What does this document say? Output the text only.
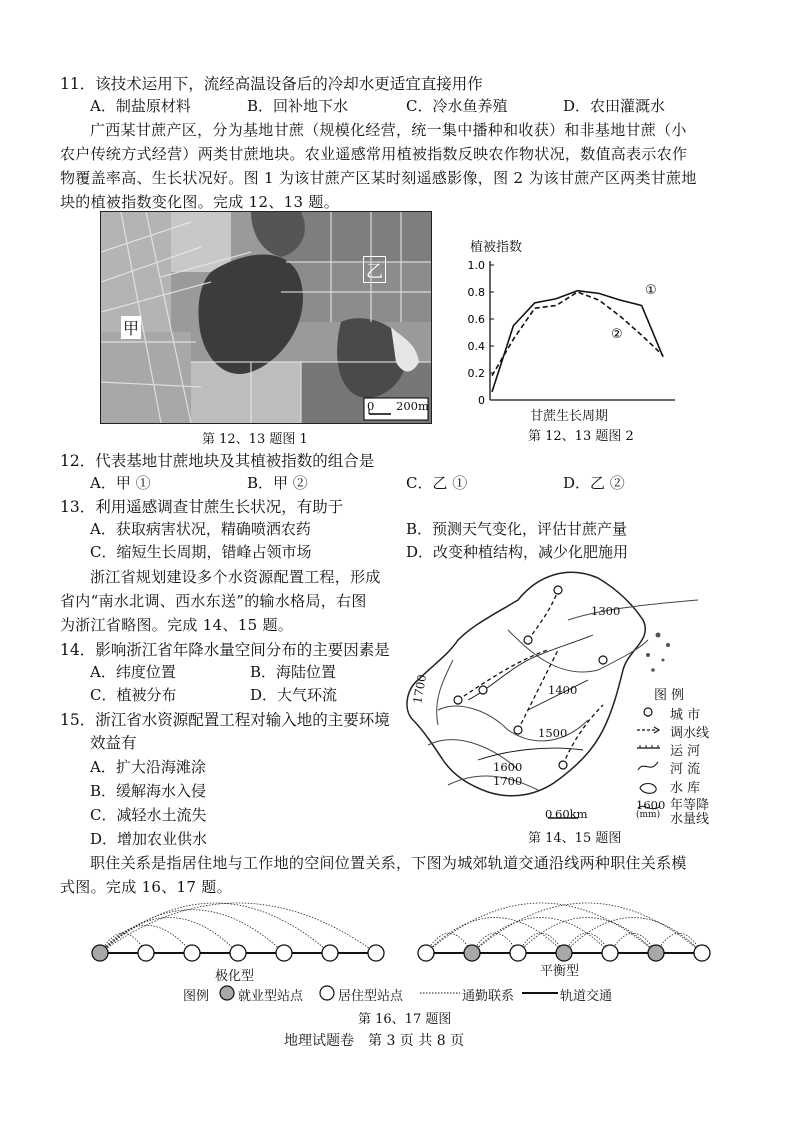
11．该技术运用下，流经高温设备后的冷却水更适宜直接用作
A．制盐原材料	B．回补地下水	C．冷水鱼养殖	D．农田灌溉水
广西某甘蔗产区，分为基地甘蔗（规模化经营，统一集中播种和收获）和非基地甘蔗（小
农户传统方式经营）两类甘蔗地块。农业遥感常用植被指数反映农作物状况，数值高表示农作
物覆盖率高、生长状况好。图 1 为该甘蔗产区某时刻遥感影像，图 2 为该甘蔗产区两类甘蔗地
块的植被指数变化图。完成 12、13 题。
甲
乙
0 200m
第 12、13 题图 1
植被指数
1.0
0.8
0.6
0.4
0.2
0
①
②
甘蔗生长周期
第 12、13 题图 2
12．代表基地甘蔗地块及其植被指数的组合是
A．甲 ①	B．甲 ②	C．乙 ①	D．乙 ②
13．利用遥感调查甘蔗生长状况，有助于
A．获取病害状况，精确喷洒农药	B．预测天气变化，评估甘蔗产量
C．缩短生长周期，错峰占领市场	D．改变种植结构，减少化肥施用
浙江省规划建设多个水资源配置工程，形成
省内“南水北调、西水东送”的输水格局，右图
为浙江省略图。完成 14、15 题。
14．影响浙江省年降水量空间分布的主要因素是
A．纬度位置	B．海陆位置
C．植被分布	D．大气环流
15．浙江省水资源配置工程对输入地的主要环境
效益有
A．扩大沿海滩涂
B．缓解海水入侵
C．减轻水土流失
D．增加农业供水
1300
1400
1500
1600
1700
1700
0 60km
图 例
城 市
调水线
运 河
河 流
水 库
年等降
水量线
1600
(mm)
第 14、15 题图
职住关系是指居住地与工作地的空间位置关系，下图为城郊轨道交通沿线两种职住关系模
式图。完成 16、17 题。
极化型	平衡型
图例 就业型站点	居住型站点	通勤联系	轨道交通
第 16、17 题图
地理试题卷　第 3 页 共 8 页
